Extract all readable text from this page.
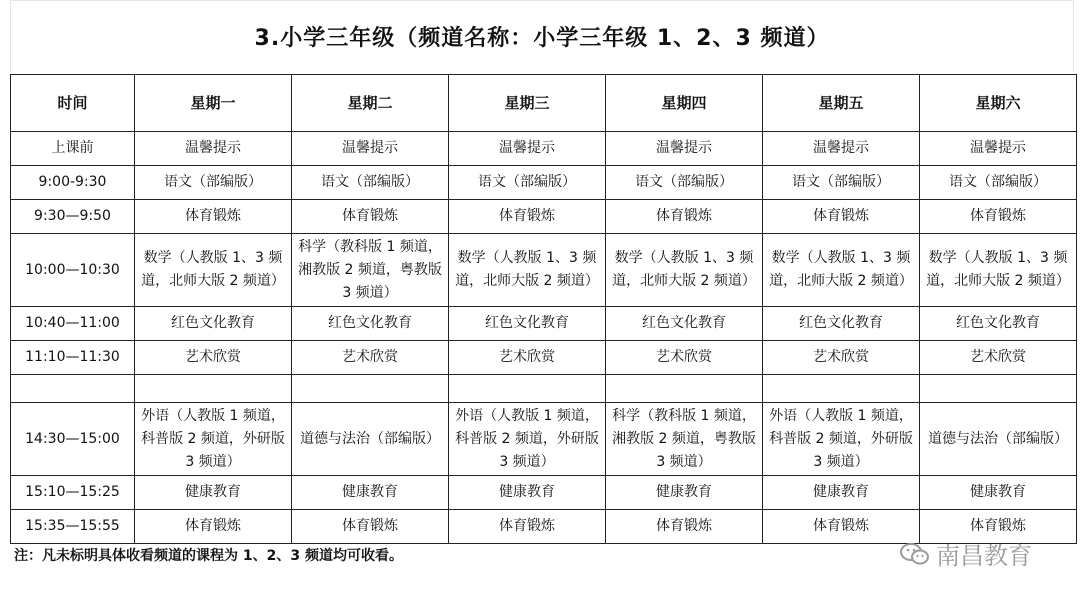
3.小学三年级（频道名称：小学三年级 1、2、3 频道）
时间	星期一	星期二	星期三	星期四	星期五	星期六
上课前	温馨提示	温馨提示	温馨提示	温馨提示	温馨提示	温馨提示
9:00-9:30	语文（部编版）	语文（部编版）	语文（部编版）	语文（部编版）	语文（部编版）	语文（部编版）
9:30—9:50	体育锻炼	体育锻炼	体育锻炼	体育锻炼	体育锻炼	体育锻炼
10:00—10:30	数学（人教版 1、3 频道，北师大版 2 频道）	科学（教科版 1 频道，湘教版 2 频道，粤教版 3 频道）	数学（人教版 1、3 频道，北师大版 2 频道）	数学（人教版 1、3 频道，北师大版 2 频道）	数学（人教版 1、3 频道，北师大版 2 频道）	数学（人教版 1、3 频道，北师大版 2 频道）
10:40—11:00	红色文化教育	红色文化教育	红色文化教育	红色文化教育	红色文化教育	红色文化教育
11:10—11:30	艺术欣赏	艺术欣赏	艺术欣赏	艺术欣赏	艺术欣赏	艺术欣赏

14:30—15:00	外语（人教版 1 频道，科普版 2 频道，外研版 3 频道）	道德与法治（部编版）	外语（人教版 1 频道，科普版 2 频道，外研版 3 频道）	科学（教科版 1 频道，湘教版 2 频道，粤教版 3 频道）	外语（人教版 1 频道，科普版 2 频道，外研版 3 频道）	道德与法治（部编版）
15:10—15:25	健康教育	健康教育	健康教育	健康教育	健康教育	健康教育
15:35—15:55	体育锻炼	体育锻炼	体育锻炼	体育锻炼	体育锻炼	体育锻炼
注：凡未标明具体收看频道的课程为 1、2、3 频道均可收看。	南昌教育
